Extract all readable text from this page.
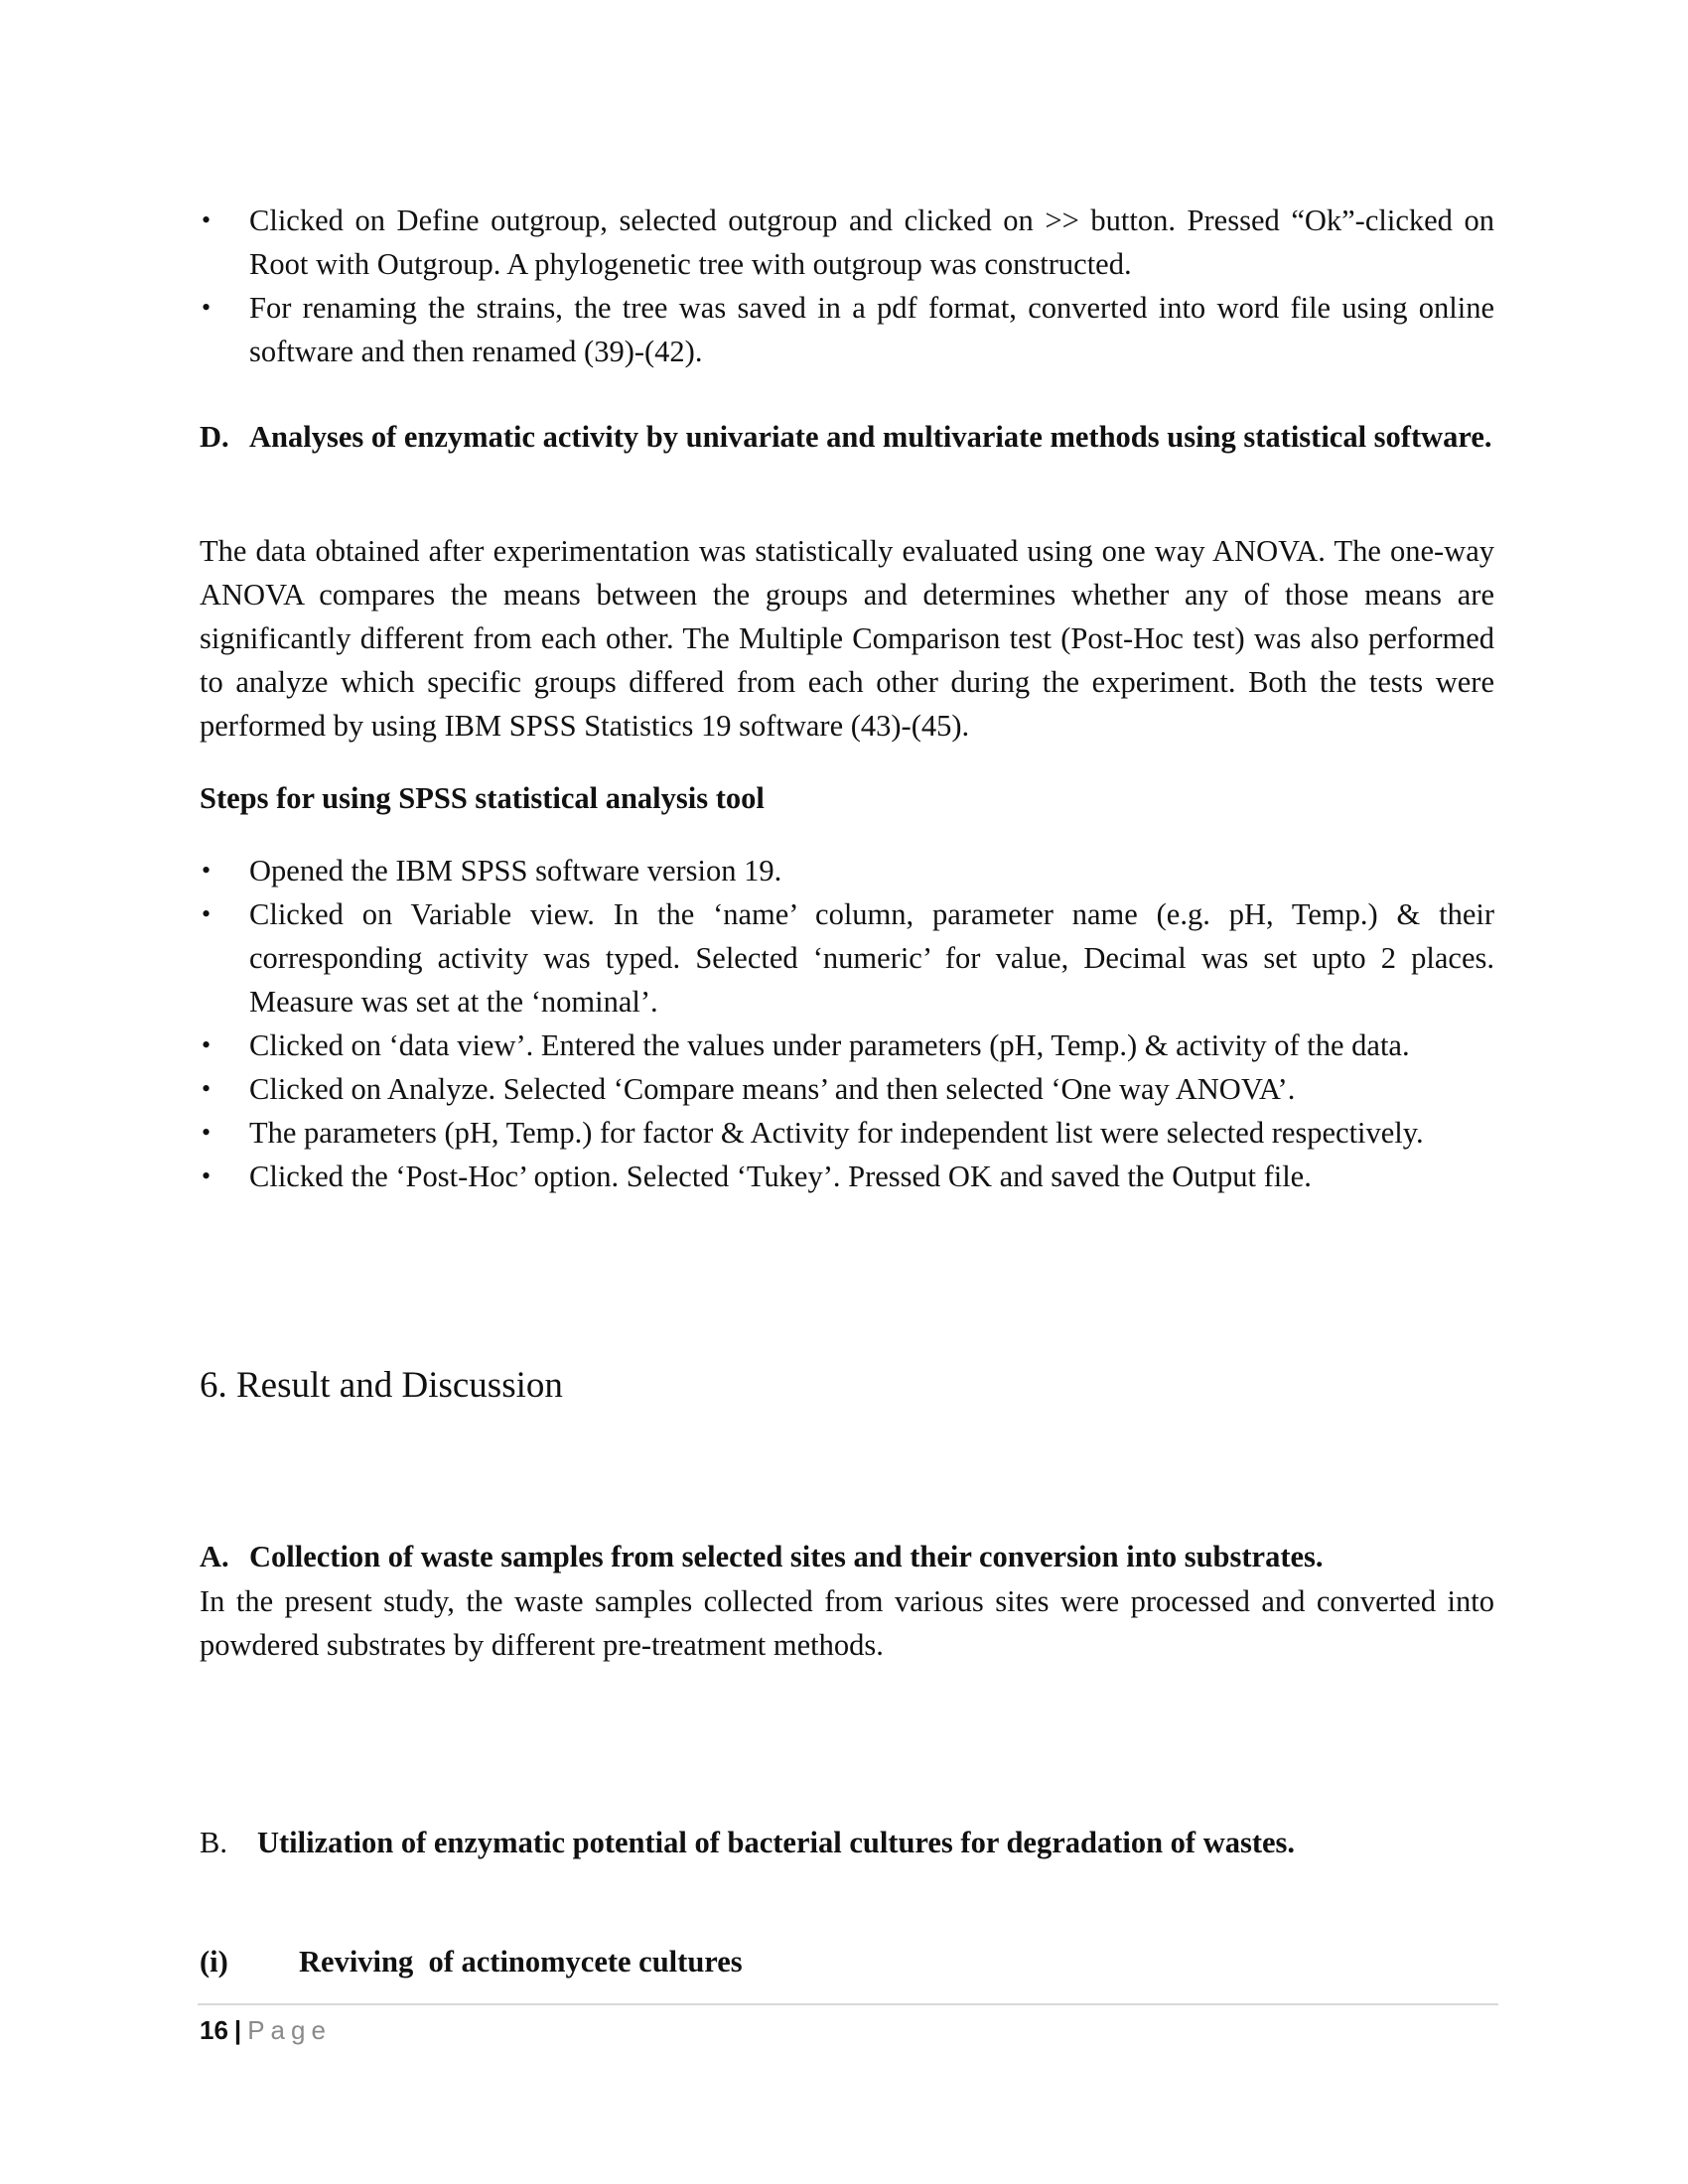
• Clicked on Define outgroup, selected outgroup and clicked on >> button. Pressed “Ok”-clicked on Root with Outgroup. A phylogenetic tree with outgroup was constructed.
• For renaming the strains, the tree was saved in a pdf format, converted into word file using online software and then renamed (39)-(42).
D. Analyses of enzymatic activity by univariate and multivariate methods using statistical software.

The data obtained after experimentation was statistically evaluated using one way ANOVA. The one-way ANOVA compares the means between the groups and determines whether any of those means are significantly different from each other. The Multiple Comparison test (Post-Hoc test) was also performed to analyze which specific groups differed from each other during the experiment. Both the tests were performed by using IBM SPSS Statistics 19 software (43)-(45).

Steps for using SPSS statistical analysis tool

• Opened the IBM SPSS software version 19.
• Clicked on Variable view. In the ‘name’ column, parameter name (e.g. pH, Temp.) & their corresponding activity was typed. Selected ‘numeric’ for value, Decimal was set upto 2 places. Measure was set at the ‘nominal’.
• Clicked on ‘data view’. Entered the values under parameters (pH, Temp.) & activity of the data.
• Clicked on Analyze. Selected ‘Compare means’ and then selected ‘One way ANOVA’.
• The parameters (pH, Temp.) for factor & Activity for independent list were selected respectively.
• Clicked the ‘Post-Hoc’ option. Selected ‘Tukey’. Pressed OK and saved the Output file.
6. Result and Discussion
A. Collection of waste samples from selected sites and their conversion into substrates.

In the present study, the waste samples collected from various sites were processed and converted into powdered substrates by different pre-treatment methods.

B. Utilization of enzymatic potential of bacterial cultures for degradation of wastes.
(i) Reviving  of actinomycete cultures
16 | Page
